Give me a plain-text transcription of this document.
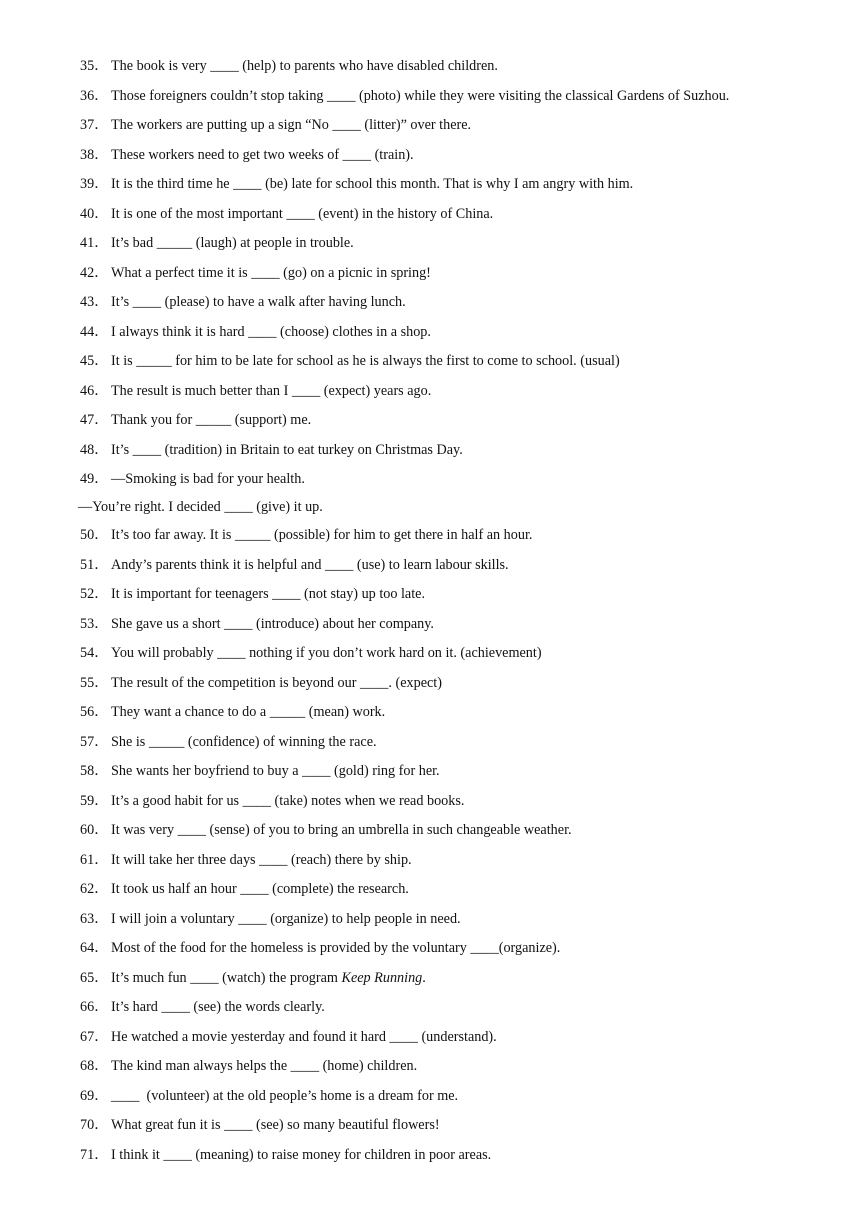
35． The book is very ____ (help) to parents who have disabled children.
36． Those foreigners couldn’t stop taking ____ (photo) while they were visiting the classical Gardens of Suzhou.
37． The workers are putting up a sign “No ____ (litter)” over there.
38． These workers need to get two weeks of ____ (train).
39． It is the third time he ____ (be) late for school this month. That is why I am angry with him.
40． It is one of the most important ____ (event) in the history of China.
41． It’s bad _____ (laugh) at people in trouble.
42． What a perfect time it is ____ (go) on a picnic in spring!
43． It’s ____ (please) to have a walk after having lunch.
44． I always think it is hard ____ (choose) clothes in a shop.
45． It is _____ for him to be late for school as he is always the first to come to school. (usual)
46． The result is much better than I ____ (expect) years ago.
47． Thank you for _____ (support) me.
48． It’s ____ (tradition) in Britain to eat turkey on Christmas Day.
49． —Smoking is bad for your health.
—You’re right. I decided ____ (give) it up.
50． It’s too far away. It is _____ (possible) for him to get there in half an hour.
51． Andy’s parents think it is helpful and ____ (use) to learn labour skills.
52． It is important for teenagers ____ (not stay) up too late.
53． She gave us a short ____ (introduce) about her company.
54． You will probably ____ nothing if you don’t work hard on it. (achievement)
55． The result of the competition is beyond our ____. (expect)
56． They want a chance to do a _____ (mean) work.
57． She is _____ (confidence) of winning the race.
58． She wants her boyfriend to buy a ____ (gold) ring for her.
59． It’s a good habit for us ____ (take) notes when we read books.
60． It was very ____ (sense) of you to bring an umbrella in such changeable weather.
61． It will take her three days ____ (reach) there by ship.
62． It took us half an hour ____ (complete) the research.
63． I will join a voluntary ____ (organize) to help people in need.
64． Most of the food for the homeless is provided by the voluntary ____(organize).
65． It’s much fun ____ (watch) the program Keep Running.
66． It’s hard ____ (see) the words clearly.
67． He watched a movie yesterday and found it hard ____ (understand).
68． The kind man always helps the ____ (home) children.
69． ____  (volunteer) at the old people’s home is a dream for me.
70． What great fun it is ____ (see) so many beautiful flowers!
71． I think it ____ (meaning) to raise money for children in poor areas.
